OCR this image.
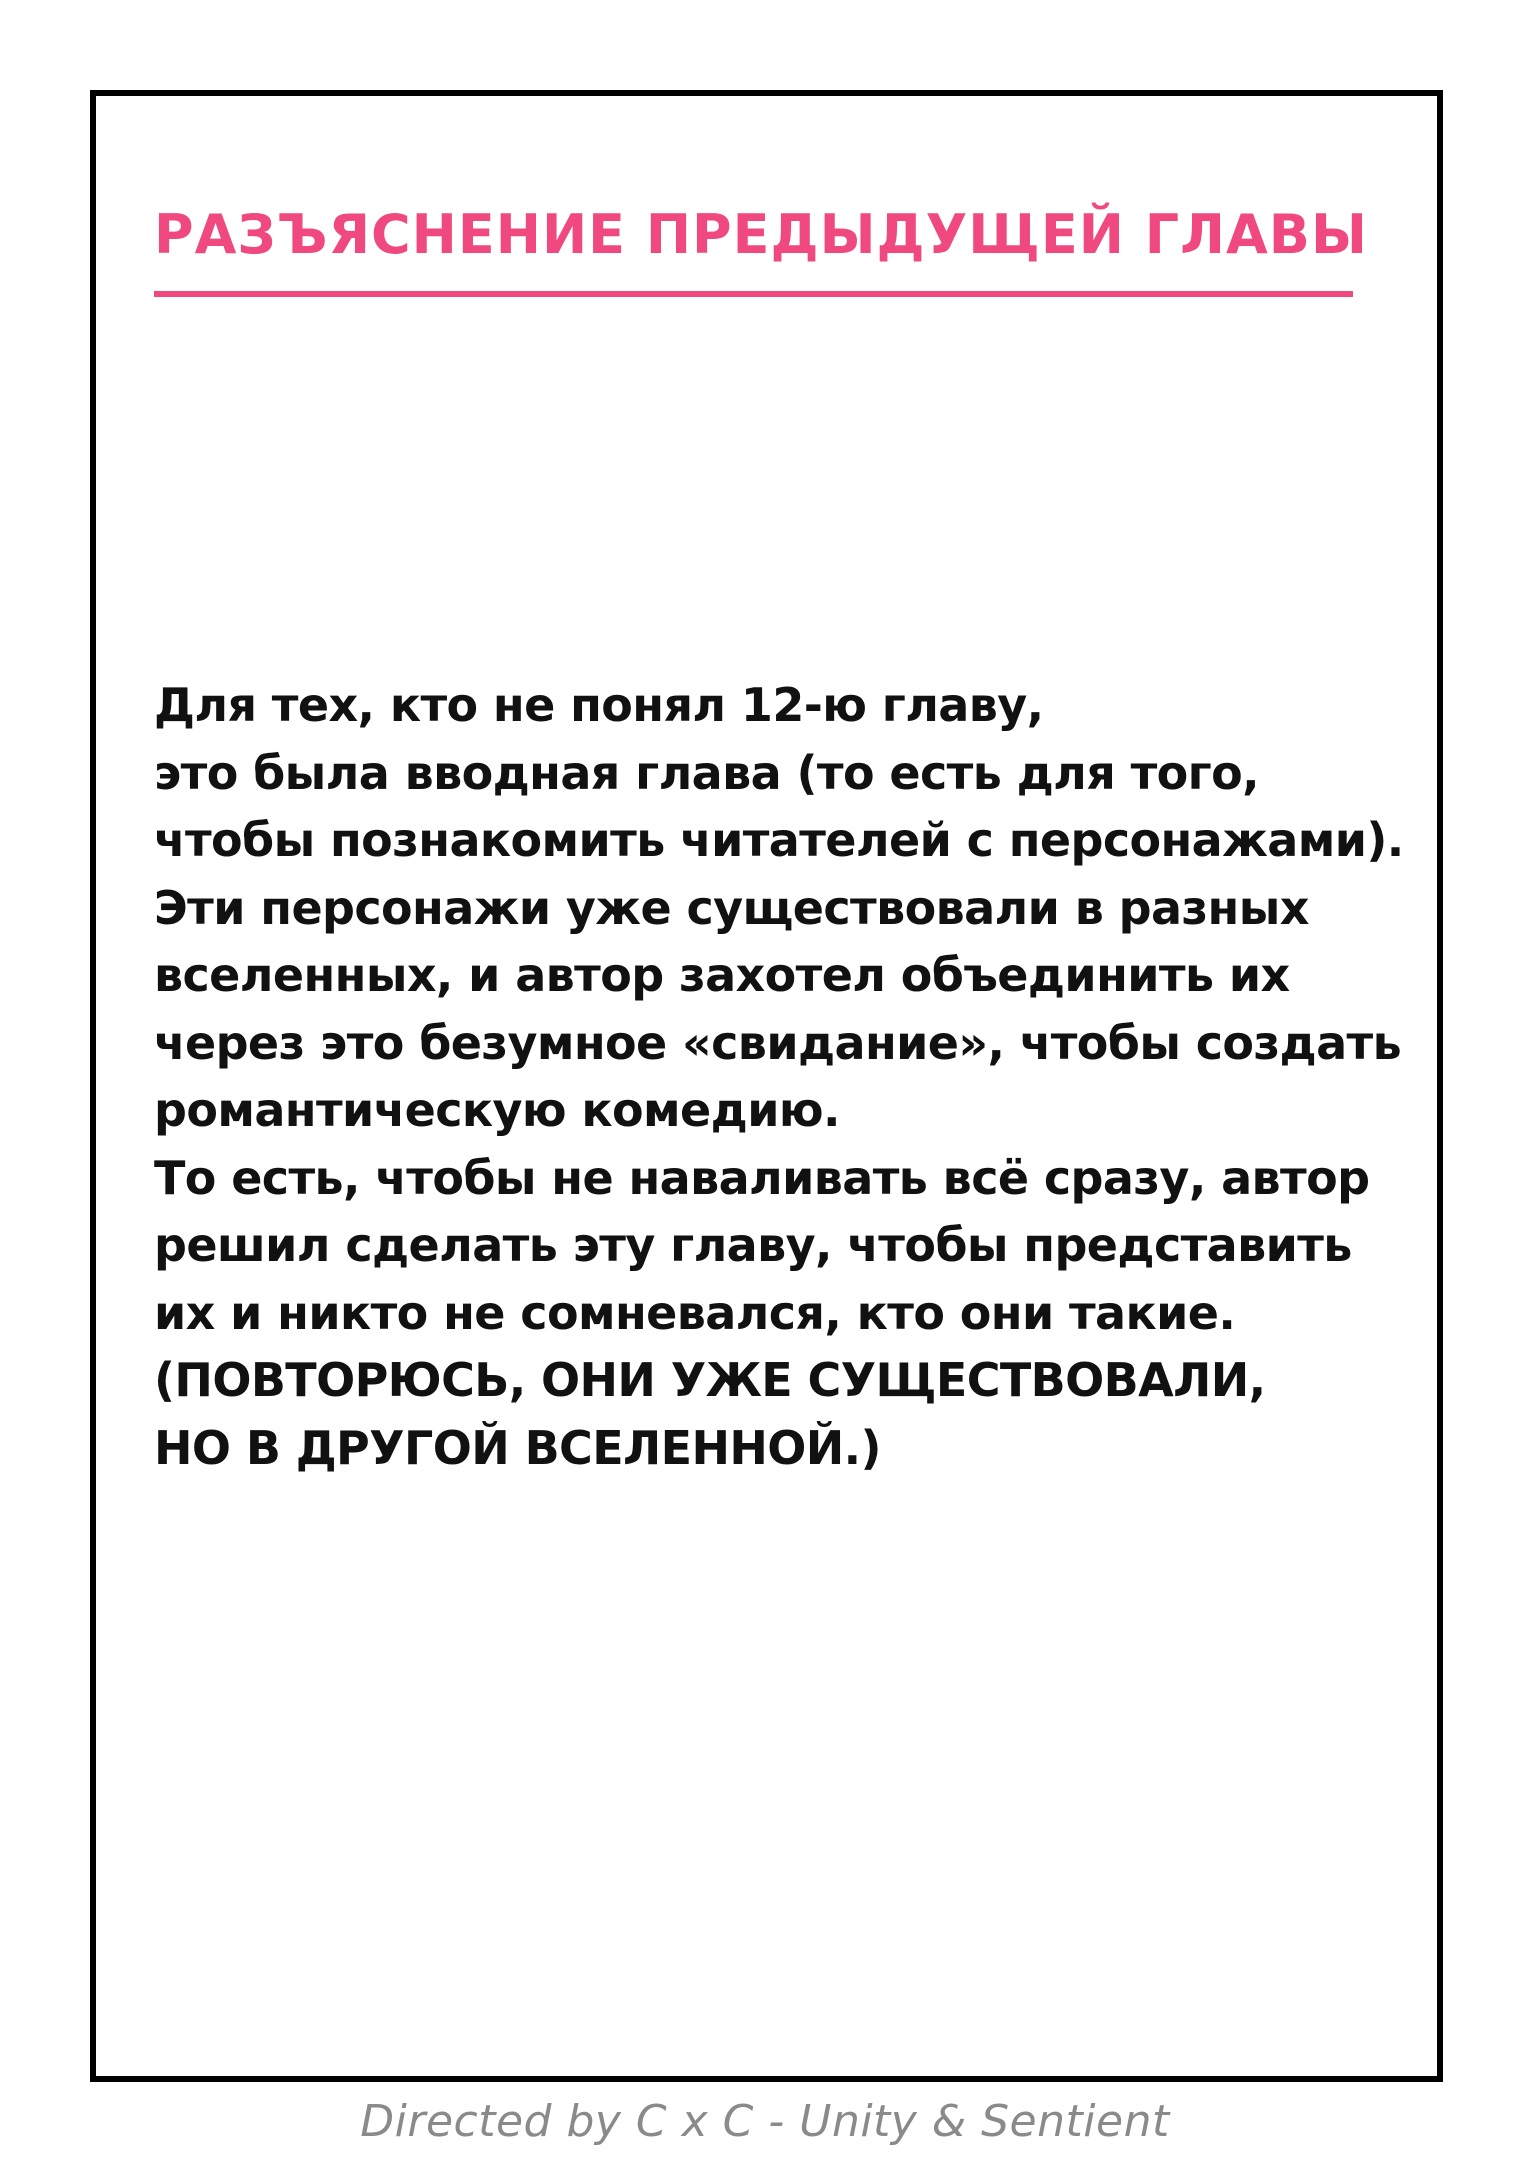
РАЗЪЯСНЕНИЕ ПРЕДЫДУЩЕЙ ГЛАВЫ
Для тех, кто не понял 12-ю главу,
это была вводная глава (то есть для того,
чтобы познакомить читателей с персонажами).
Эти персонажи уже существовали в разных
вселенных, и автор захотел объединить их
через это безумное «свидание», чтобы создать
романтическую комедию.
То есть, чтобы не наваливать всё сразу, автор
решил сделать эту главу, чтобы представить
их и никто не сомневался, кто они такие.
(ПОВТОРЮСЬ, ОНИ УЖЕ СУЩЕСТВОВАЛИ,
НО В ДРУГОЙ ВСЕЛЕННОЙ.)

Directed by C x C - Unity & Sentient
